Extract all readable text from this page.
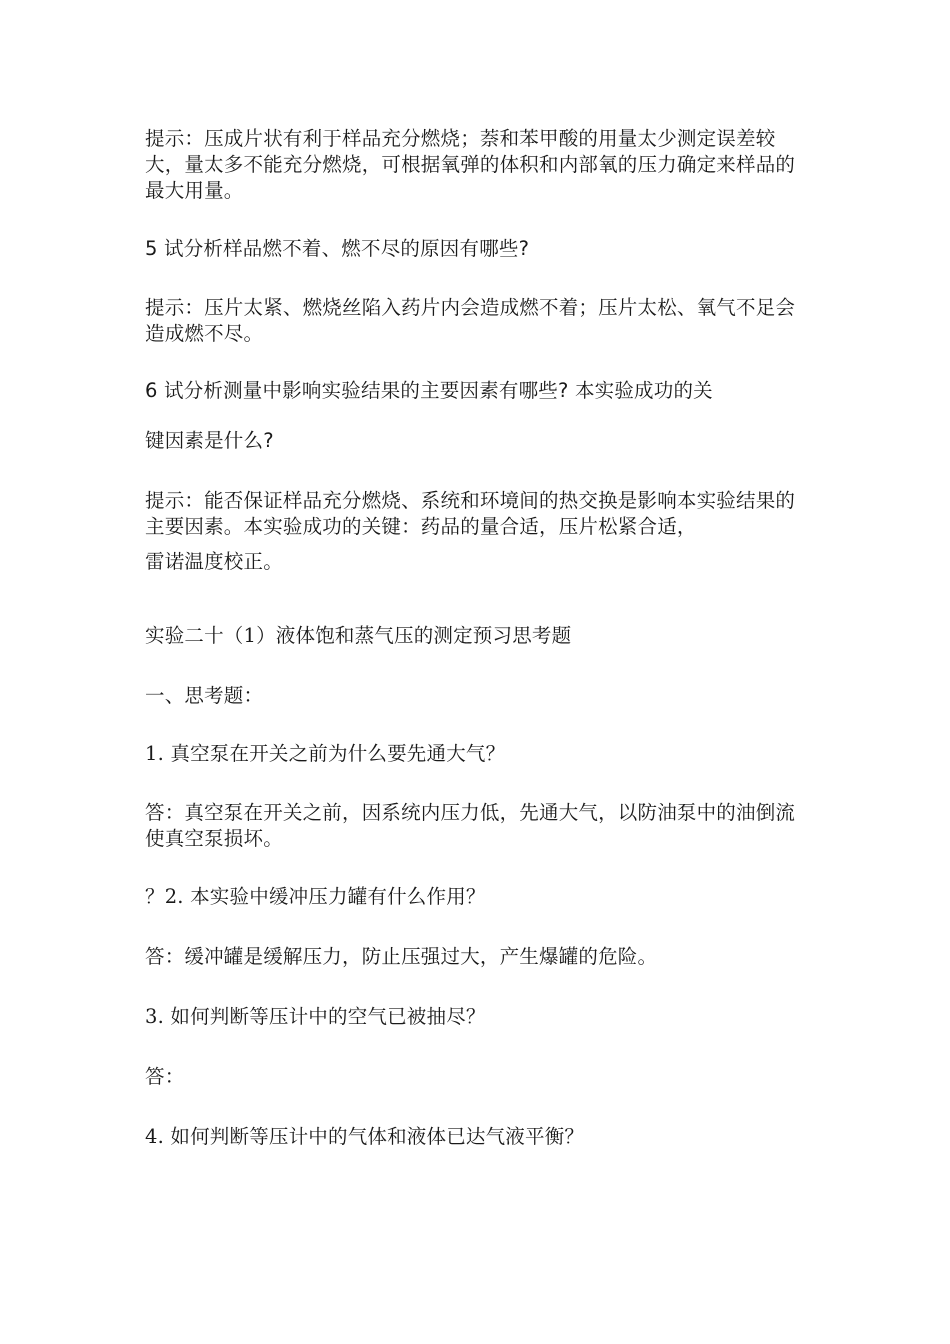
提示：压成片状有利于样品充分燃烧；萘和苯甲酸的用量太少测定误差较大，量太多不能充分燃烧，可根据氧弹的体积和内部氧的压力确定来样品的最大用量。

5 试分析样品燃不着、燃不尽的原因有哪些?

提示：压片太紧、燃烧丝陷入药片内会造成燃不着；压片太松、氧气不足会造成燃不尽。

6 试分析测量中影响实验结果的主要因素有哪些? 本实验成功的关

键因素是什么?

提示：能否保证样品充分燃烧、系统和环境间的热交换是影响本实验结果的主要因素。本实验成功的关键：药品的量合适，压片松紧合适，

雷诺温度校正。

实验二十（1）液体饱和蒸气压的测定预习思考题

一、思考题：

1. 真空泵在开关之前为什么要先通大气？

答：真空泵在开关之前，因系统内压力低，先通大气，以防油泵中的油倒流使真空泵损坏。

？2. 本实验中缓冲压力罐有什么作用？

答：缓冲罐是缓解压力，防止压强过大，产生爆罐的危险。

3. 如何判断等压计中的空气已被抽尽？

答：

4. 如何判断等压计中的气体和液体已达气液平衡？
